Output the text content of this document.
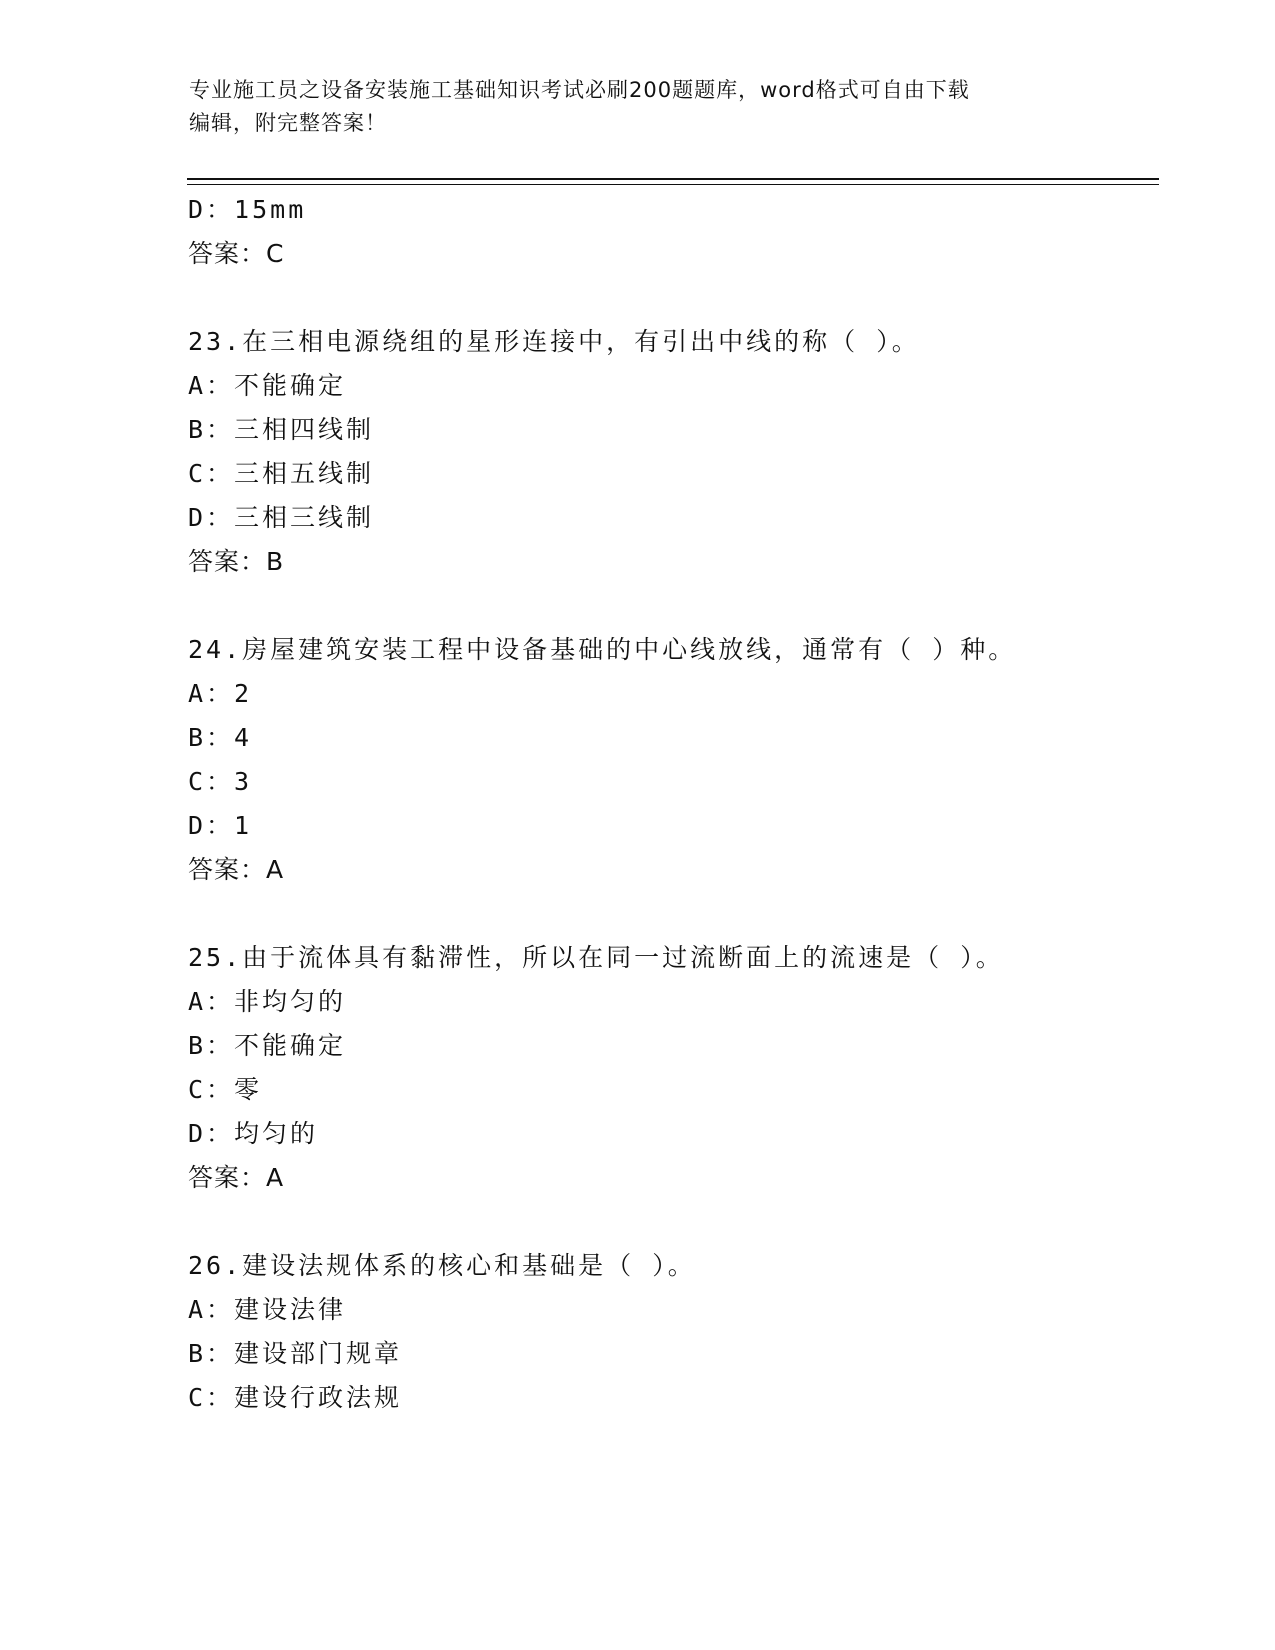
专业施工员之设备安装施工基础知识考试必刷200题题库，word格式可自由下载
编辑，附完整答案！
D：15mm
答案：C
23.在三相电源绕组的星形连接中，有引出中线的称（ ）。
A：不能确定
B：三相四线制
C：三相五线制
D：三相三线制
答案：B
24.房屋建筑安装工程中设备基础的中心线放线，通常有（ ）种。
A：2
B：4
C：3
D：1
答案：A
25.由于流体具有黏滞性，所以在同一过流断面上的流速是（ ）。
A：非均匀的
B：不能确定
C：零
D：均匀的
答案：A
26.建设法规体系的核心和基础是（ ）。
A：建设法律
B：建设部门规章
C：建设行政法规
